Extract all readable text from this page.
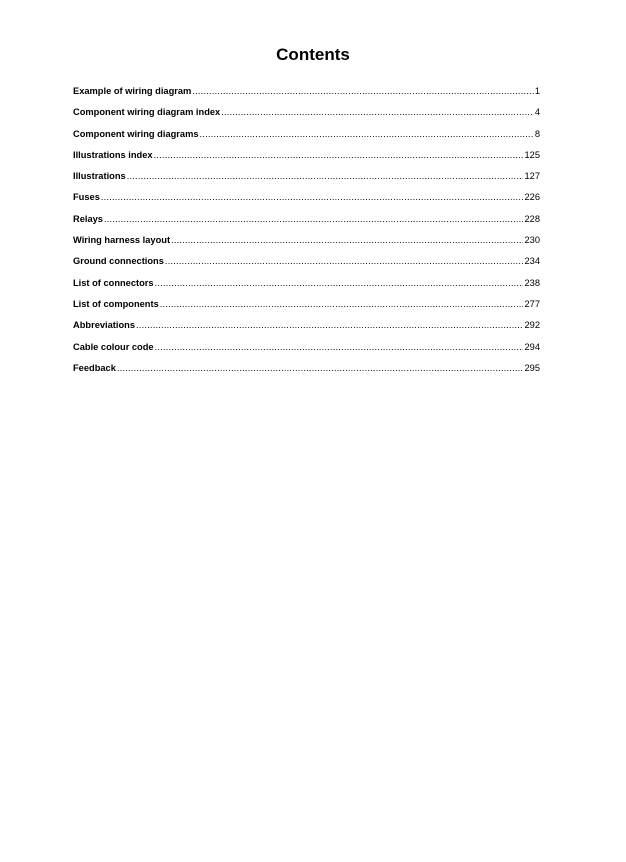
Contents
Example of wiring diagram .....	1
Component wiring diagram index .....	4
Component wiring diagrams .....	8
Illustrations index .....	125
Illustrations .....	127
Fuses .....	226
Relays .....	228
Wiring harness layout .....	230
Ground connections .....	234
List of connectors .....	238
List of components .....	277
Abbreviations .....	292
Cable colour code .....	294
Feedback .....	295
